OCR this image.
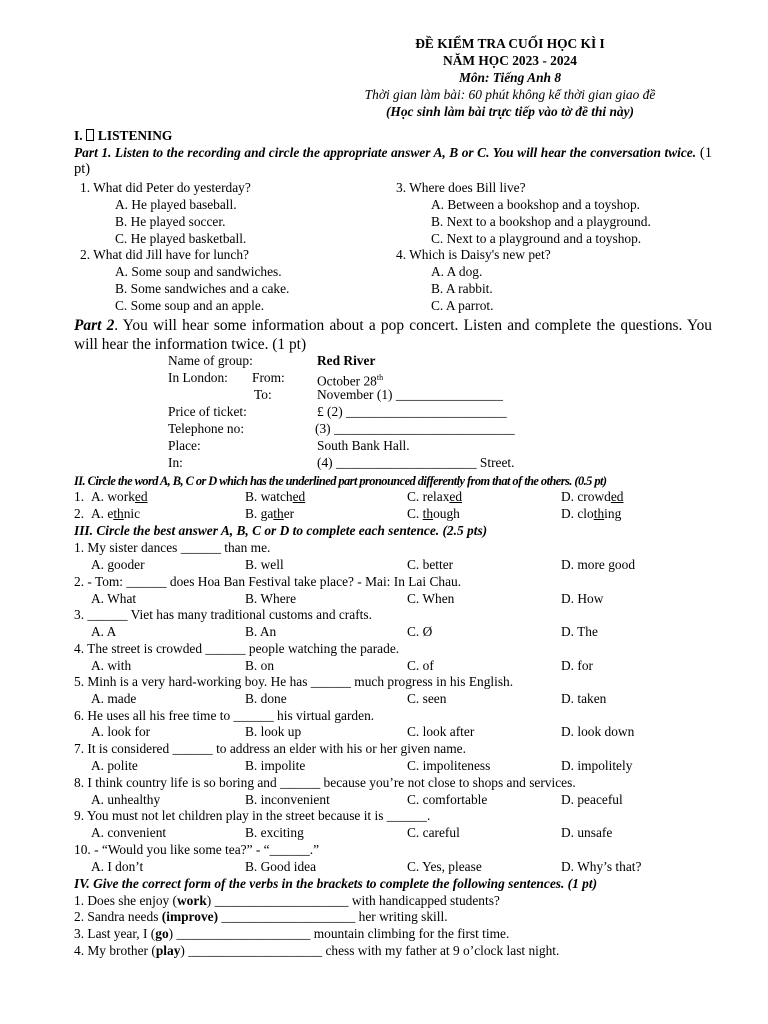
ĐỀ KIỂM TRA CUỐI HỌC KÌ I
NĂM HỌC 2023 - 2024
Môn: Tiếng Anh 8
Thời gian làm bài: 60 phút không kể thời gian giao đề
(Học sinh làm bài trực tiếp vào tờ đề thi này)
I. LISTENING
Part 1. Listen to the recording and circle the appropriate answer A, B or C. You will hear the conversation twice. (1 pt)
1. What did Peter do yesterday?
A. He played baseball.
B. He played soccer.
C. He played basketball.
2. What did Jill have for lunch?
A. Some soup and sandwiches.
B. Some sandwiches and a cake.
C. Some soup and an apple.
3. Where does Bill live?
A. Between a bookshop and a toyshop.
B. Next to a bookshop and a playground.
C. Next to a playground and a toyshop.
4. Which is Daisy's new pet?
A. A dog.
B. A rabbit.
C. A parrot.
Part 2. You will hear some information about a pop concert. Listen and complete the questions. You will hear the information twice. (1 pt)
Name of group:	Red River
In London: From: October 28th
To:	November (1) ________________
Price of ticket:	£ (2) ________________________
Telephone no:	(3) ___________________________
Place:	South Bank Hall.
In:	(4) _____________________ Street.
II. Circle the word A, B, C or D which has the underlined part pronounced differently from that of the others. (0.5 pt)
1. A. worked	B. watched	C. relaxed	D. crowded
2. A. ethnic	B. gather	C. though	D. clothing
III. Circle the best answer A, B, C or D to complete each sentence. (2.5 pts)
1. My sister dances ______ than me.
A. gooder	B. well	C. better	D. more good
2. - Tom: ______ does Hoa Ban Festival take place? - Mai: In Lai Chau.
A. What	B. Where	C. When	D. How
3. ______ Viet has many traditional customs and crafts.
A. A	B. An	C. Ø	D. The
4. The street is crowded ______ people watching the parade.
A. with	B. on	C. of	D. for
5. Minh is a very hard-working boy. He has ______ much progress in his English.
A. made	B. done	C. seen	D. taken
6. He uses all his free time to ______ his virtual garden.
A. look for	B. look up	C. look after	D. look down
7. It is considered ______ to address an elder with his or her given name.
A. polite	B. impolite	C. impoliteness	D. impolitely
8. I think country life is so boring and ______ because you’re not close to shops and services.
A. unhealthy	B. inconvenient	C. comfortable	D. peaceful
9. You must not let children play in the street because it is ______.
A. convenient	B. exciting	C. careful	D. unsafe
10. - “Would you like some tea?” - “______.”
A. I don’t	B. Good idea	C. Yes, please	D. Why’s that?
IV. Give the correct form of the verbs in the brackets to complete the following sentences. (1 pt)
1. Does she enjoy (work) ____________________ with handicapped students?
2. Sandra needs (improve) ____________________ her writing skill.
3. Last year, I (go) ____________________ mountain climbing for the first time.
4. My brother (play) ____________________ chess with my father at 9 o’clock last night.
